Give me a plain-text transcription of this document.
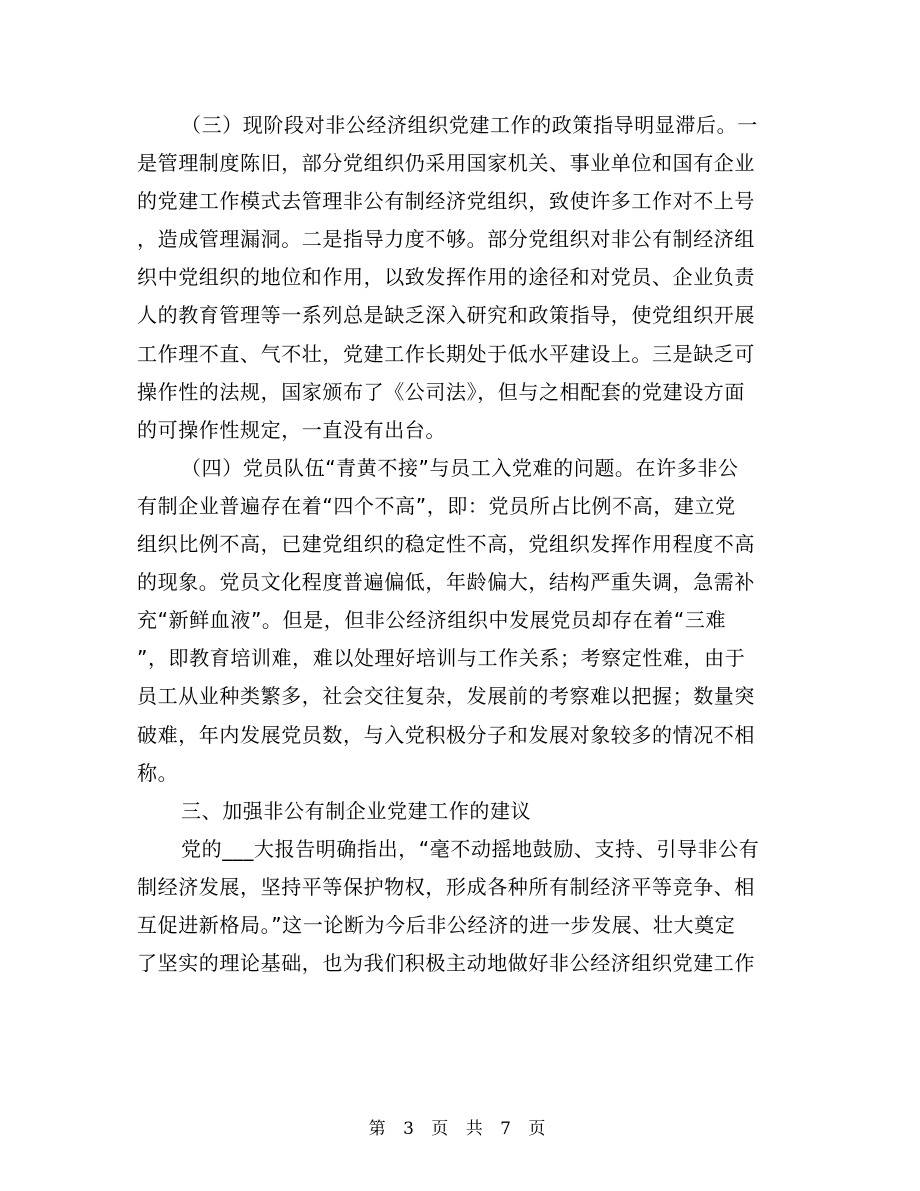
（三）现阶段对非公经济组织党建工作的政策指导明显滞后。一
是管理制度陈旧，部分党组织仍采用国家机关、事业单位和国有企业
的党建工作模式去管理非公有制经济党组织，致使许多工作对不上号
，造成管理漏洞。二是指导力度不够。部分党组织对非公有制经济组
织中党组织的地位和作用，以致发挥作用的途径和对党员、企业负责
人的教育管理等一系列总是缺乏深入研究和政策指导，使党组织开展
工作理不直、气不壮，党建工作长期处于低水平建设上。三是缺乏可
操作性的法规，国家颁布了《公司法》，但与之相配套的党建设方面
的可操作性规定，一直没有出台。
（四）党员队伍“青黄不接”与员工入党难的问题。在许多非公
有制企业普遍存在着“四个不高”，即：党员所占比例不高，建立党
组织比例不高，已建党组织的稳定性不高，党组织发挥作用程度不高
的现象。党员文化程度普遍偏低，年龄偏大，结构严重失调，急需补
充“新鲜血液”。但是，但非公经济组织中发展党员却存在着“三难
”，即教育培训难，难以处理好培训与工作关系；考察定性难，由于
员工从业种类繁多，社会交往复杂，发展前的考察难以把握；数量突
破难，年内发展党员数，与入党积极分子和发展对象较多的情况不相
称。
三、加强非公有制企业党建工作的建议
党的___大报告明确指出，“毫不动摇地鼓励、支持、引导非公有
制经济发展，坚持平等保护物权，形成各种所有制经济平等竞争、相
互促进新格局。”这一论断为今后非公经济的进一步发展、壮大奠定
了坚实的理论基础，也为我们积极主动地做好非公经济组织党建工作
第 3 页 共 7 页
